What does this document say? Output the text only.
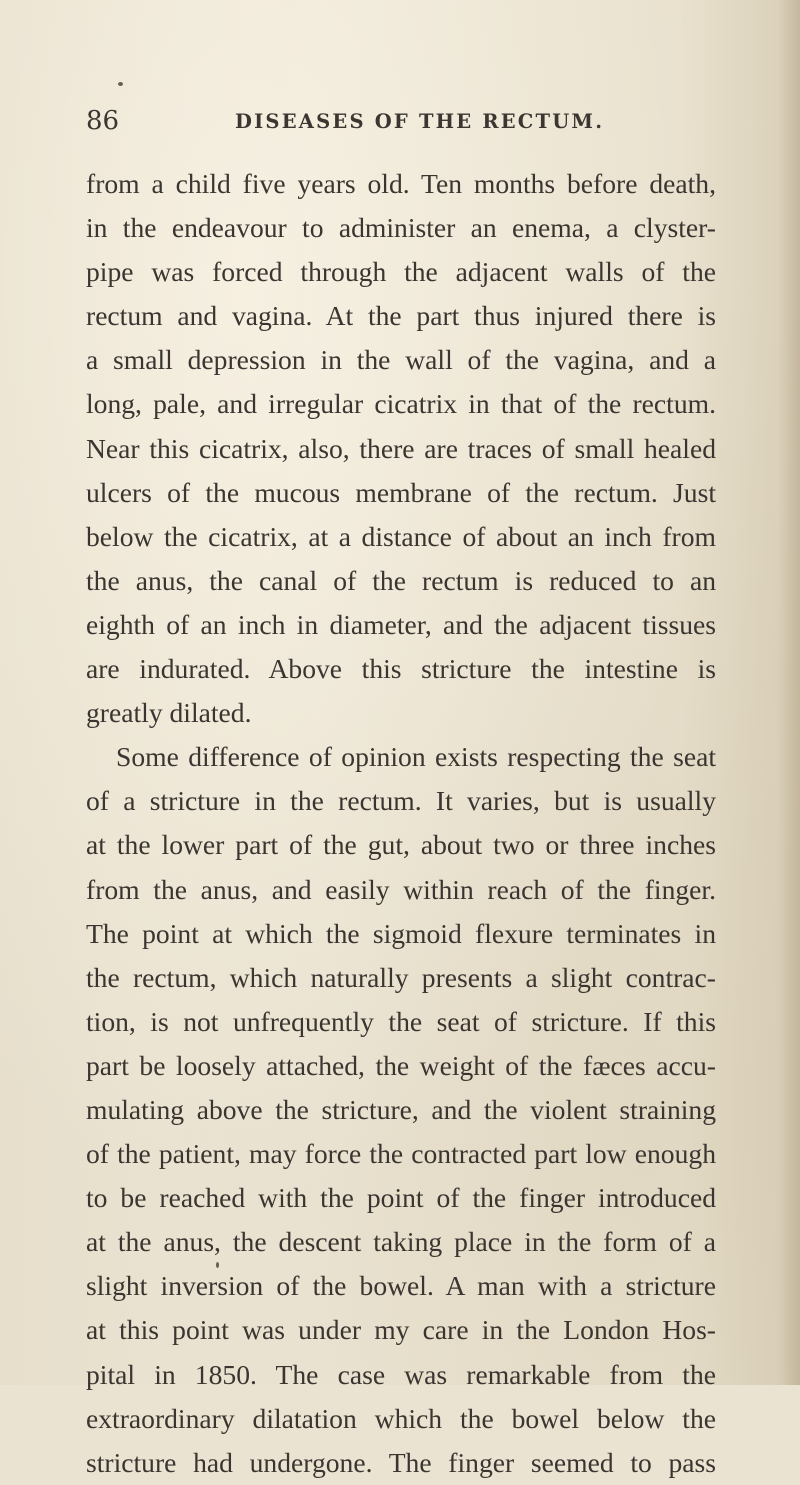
86	DISEASES OF THE RECTUM.
from a child five years old. Ten months before death,
in the endeavour to administer an enema, a clyster-
pipe was forced through the adjacent walls of the
rectum and vagina. At the part thus injured there is
a small depression in the wall of the vagina, and a
long, pale, and irregular cicatrix in that of the rectum.
Near this cicatrix, also, there are traces of small healed
ulcers of the mucous membrane of the rectum. Just
below the cicatrix, at a distance of about an inch from
the anus, the canal of the rectum is reduced to an
eighth of an inch in diameter, and the adjacent tissues
are indurated. Above this stricture the intestine is
greatly dilated.
Some difference of opinion exists respecting the seat
of a stricture in the rectum. It varies, but is usually
at the lower part of the gut, about two or three inches
from the anus, and easily within reach of the finger.
The point at which the sigmoid flexure terminates in
the rectum, which naturally presents a slight contrac-
tion, is not unfrequently the seat of stricture. If this
part be loosely attached, the weight of the fæces accu-
mulating above the stricture, and the violent straining
of the patient, may force the contracted part low enough
to be reached with the point of the finger introduced
at the anus, the descent taking place in the form of a
slight inversion of the bowel. A man with a stricture
at this point was under my care in the London Hos-
pital in 1850. The case was remarkable from the
extraordinary dilatation which the bowel below the
stricture had undergone. The finger seemed to pass
